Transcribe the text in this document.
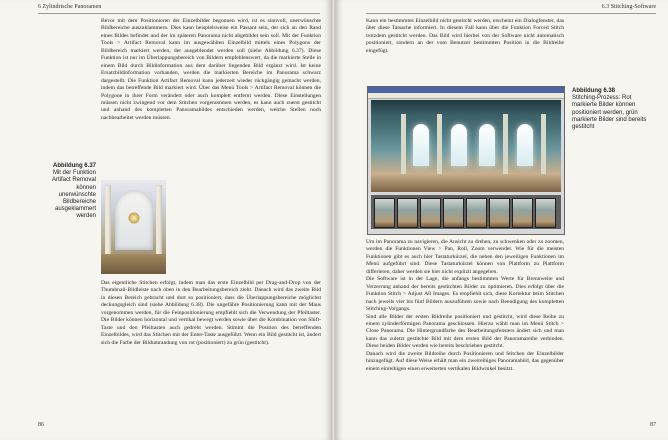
6 Zylindrische Panoramen
Bevor mit dem Positionieren der Einzelbilder begonnen wird, ist es sinnvoll, unerwünschte Bildbereiche auszuklammern. Dies kann beispielsweise ein Passant sein, der sich an den Rand eines Bildes befindet und der im späteren Panorama nicht abgebildet sein soll. Mit der Funktion Tools > Artifact Removal kann im ausgewählten Einzelbild mittels eines Polygons der Bildbereich markiert werden, der ausgeblendet werden soll (siehe Abbildung 6.37). Diese Funktion ist nur im Überlappungsbereich von Bildern empfehlenswert, da die markierte Stelle in einem Bild durch Bildinformation aus dem darüber liegenden Bild ergänzt wird. Ist keine Ersatzbildinformation vorhanden, werden die markierten Bereiche im Panorama schwarz dargestellt. Die Funktion Artifact Removal kann jederzeit wieder rückgängig gemacht werden, indem das betreffende Bild markiert wird. Über das Menü Tools > Artifact Removal können die Polygone in ihrer Form verändert oder auch komplett entfernt werden. Diese Einstellungen müssen nicht zwingend vor dem Stitchen vorgenommen werden, es kann auch zuerst gestitcht und anhand des kompletten Panoramabildes entschieden werden, welche Stellen noch nachbearbeitet werden müssen.
Abbildung 6.37
Mit der Funktion Artifact Removal können unerwünschte Bildbereiche ausgeklammert werden
Das eigentliche Stitchen erfolgt, indem man das erste Einzelbild per Drag-and-Drop von der Thumbnail-Bildleiste nach oben in den Bearbeitungsbereich zieht. Danach wird das zweite Bild in diesen Bereich gebracht und dort so positioniert, dass die Überlappungsbereiche möglichst deckungsgleich sind (siehe Abbildung 6.38). Die ungefähre Positionierung kann mit der Maus vorgenommen werden, für die Feinpositionierung empfiehlt sich die Verwendung der Pfeiltaster. Die Bilder können horizontal und vertikal bewegt werden sowie über die Kombination von Shift-Taste und den Pfeiltasten auch gedreht werden. Stimmt die Position des betreffenden Einzelbildes, wird das Stitchen mit der Enter-Taste ausgeführt. Wenn ein Bild gestitcht ist, ändert sich die Farbe der Bildumrandung von rot (positioniert) zu grün (gestitcht).
86
6.3 Stitching-Software
Kann ein bestimmtes Einzelbild nicht gestitcht werden, erscheint ein Dialogfenster, das über diese Tatsache informiert. In diesem Fall kann über die Funktion Forced Stitch trotzdem gestitcht werden. Das Bild wird hierbei von der Software nicht automatisch positioniert, sondern an der vom Benutzer bestimmten Position in die Bildreihe eingefügt.
Abbildung 6.38
Stitching-Prozess: Rot markierte Bilder können positioniert werden, grün markierte Bilder sind bereits gestitcht
Um im Panorama zu navigieren, die Ansicht zu drehen, zu schwenken oder zu zoomen, werden die Funktionen View > Pan, Roll, Zoom verwendet. Wie für die meisten Funktionen gibt es auch hier Tastaturkürzel, die neben den jeweiligen Funktionen im Menü aufgeführt sind. Diese Tastaturkürzel können von Plattform zu Plattform differieren, daher werden sie hier nicht explizit angegeben.
Die Software ist in der Lage, die anfangs bestimmten Werte für Brennweite und Verzerrung anhand der bereits gestitchten Bilder zu optimieren. Dies erfolgt über die Funktion Stitch > Adjust All Images. Es empfiehlt sich, diese Korrektur beim Stitchen nach jeweils vier bis fünf Bildern auszuführen sowie nach Beendigung des kompletten Stitching-Vorgangs.
Sind alle Bilder der ersten Bildreihe positioniert und gestitcht, wird diese Reihe zu einem zylinderförmigen Panorama geschlossen. Hierzu wählt man im Menü Stitch > Close Panorama. Die Hintergrundfarbe des Bearbeitungsfensters ändert sich und man kann das zuletzt gestitchte Bild mit dem ersten Bild der Panoramareihe verbinden. Diese beiden Bilder werden wie bereits beschrieben gestitcht.
Danach wird die zweite Bildreihe durch Positionieren und Stitchen der Einzelbilder hinzugefügt. Auf diese Weise erhält man ein zweireihiges Panoramabild, das gegenüber einem einreihigen einen erweiterten vertikalen Bildwinkel besitzt.
87
